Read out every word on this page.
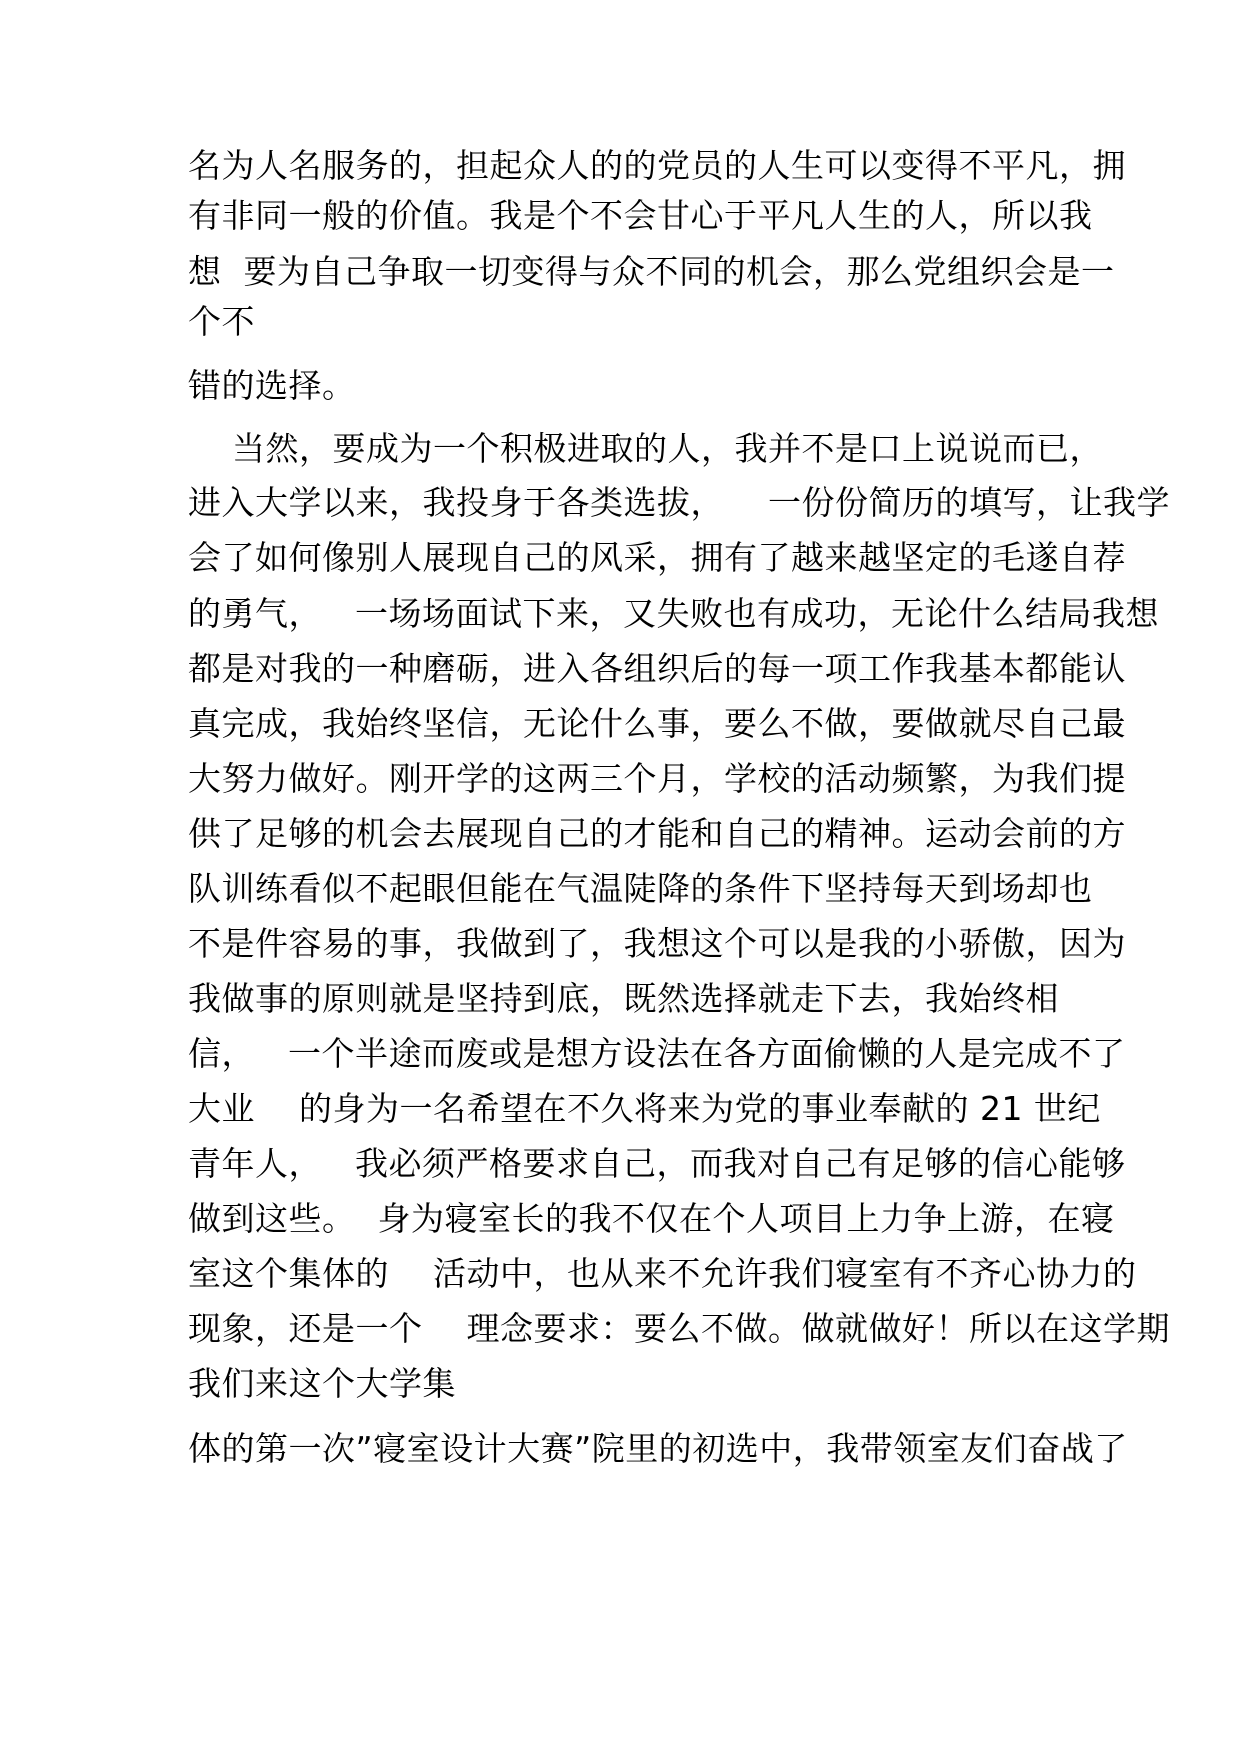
名为人名服务的，担起众人的的党员的人生可以变得不平凡，拥
有非同一般的价值。我是个不会甘心于平凡人生的人，所以我
想  要为自己争取一切变得与众不同的机会，那么党组织会是一
个不
错的选择。
当然，要成为一个积极进取的人，我并不是口上说说而已，
进入大学以来，我投身于各类选拔，    一份份简历的填写，让我学
会了如何像别人展现自己的风采，拥有了越来越坚定的毛遂自荐
的勇气，   一场场面试下来，又失败也有成功，无论什么结局我想
都是对我的一种磨砺，进入各组织后的每一项工作我基本都能认
真完成，我始终坚信，无论什么事，要么不做，要做就尽自己最
大努力做好。刚开学的这两三个月，学校的活动频繁，为我们提
供了足够的机会去展现自己的才能和自己的精神。运动会前的方
队训练看似不起眼但能在气温陡降的条件下坚持每天到场却也
不是件容易的事，我做到了，我想这个可以是我的小骄傲，因为
我做事的原则就是坚持到底，既然选择就走下去，我始终相
信，   一个半途而废或是想方设法在各方面偷懒的人是完成不了
大业    的身为一名希望在不久将来为党的事业奉献的 21 世纪
青年人，   我必须严格要求自己，而我对自己有足够的信心能够
做到这些。  身为寝室长的我不仅在个人项目上力争上游，在寝
室这个集体的    活动中，也从来不允许我们寝室有不齐心协力的
现象，还是一个    理念要求：要么不做。做就做好！所以在这学期
我们来这个大学集
体的第一次”寝室设计大赛”院里的初选中，我带领室友们奋战了
